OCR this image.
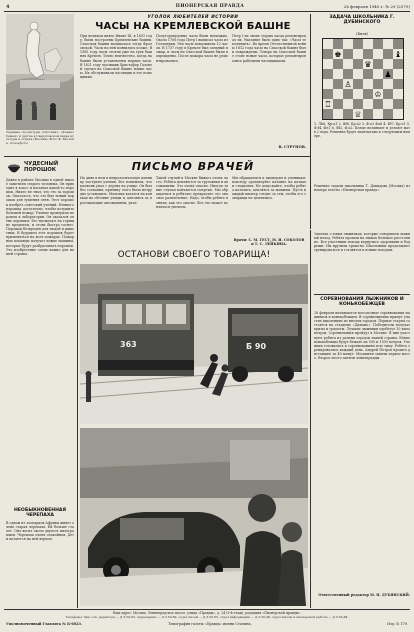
4	ПИОНЕРСКАЯ ПРАВДА	28 февраля 1940 г. № 29 (2379)
Ледяные скульптуры «Охотник», «Конькобежец» и другие в Свердловском парке культуры и отдыха (Москва). Фото Ф. Кислова. (Союзфото)
УГОЛОК ЛЮБИТЕЛЕЙ ИСТОРИИ
ЧАСЫ НА КРЕМЛЕВСКОЙ БАШНЕ
При великом князе Иване III, в 1491 году, были построены Кремлевские башни. Спасская башня называлась тогда Фроловской. Часы на ней появились позже. В 1585 году часы стояли уже на трех башнях Кремля. Точно неизвестно, когда на башне были установлены первые часы. В 1621 году часовщик Христофор Галовей сделал на Спасской башне новые часы. Их обслуживали часовщик и его помощники.
Полуторапудовые часы были немецкие. Около 1706 года Петр I выписал часы из Голландии. Эти часы показывали 12 часов. В 1737 году в Кремле был сильный пожар, и часы на Спасской башне были повреждены. После пожара часы не ремонтировались.
Петр I на своих старых часах ремонтировал их. Указание было дано так: «Часы те починить». Во время Отечественной войны 1812 года часы на Спасской башне были повреждены. Теперь на Спасской башне стоят новые часы, которые ремонтировались рабочими часовщиками.
В. СТРУНОВ.
ЗАДАЧА ШКОЛЬНИКА Г. ДУБИНСКОГО
(Киев)
1. Лb8, Кр:а1 2. Фf8, Кр:а2 3. Ф:е2 Фа8 4. Фf7, Кр:е1 5. Ф:f4, Фе1 6. Фf2, Ф:а2. Белые начинают и делают мат в 2 хода. Решение будет напечатано в следующем номере.
Решение задачи школьника Т. Давыдова (Москва) из номера газеты «Пионерская правда».
ЧУДЕСНЫЙ ПОРОШОК
Давно в районе Москвы в одной школе заметили старого человека. Он приходил в класс и насыпал какой-то порошок. Никто не знал, что это за порошок. Оказалось, что это был новый порошок для тушения огня. Этот порошок изобрел советский ученый. Немного порошка достаточно, чтобы потушить большой пожар. Ученые проверили порошок в лаборатории. Он оказался очень хорошим. Его насыпают на горящие предметы, и огонь быстро гаснет. Порошок безвреден для людей и животных. В будущем этот порошок будет применяться на всех пожарах. Пожарные команды получат новые машины, которые будут разбрасывать порошок. Это изобретение очень важно для нашей страны.
НЕОБЫКНОВЕННАЯ ЧЕРЕПАХА
В одном из зоопарков Африки живет очень старая черепаха. Ей больше ста лет. Она весит около двухсот килограммов. Черепаха очень спокойная. Дети катаются на ней верхом.
ПИСЬМО ВРАЧЕЙ
На днях в нем в неврологическую клинику поступил ученик. Все понимали, что мальчик упал с дерева на улице. Он был без сознания, причину этого было нетрудно установить. Мальчик катался на коньках на обочине улицы и, цепляясь за проезжающие автомашины, упал.
Такой случай в Москве бывает очень часто. Ребята цепляются за грузовики и автомашины. Это очень опасно. Иногда такие случаи кончаются смертью. Мы обращаемся к ребятам: прекратите это опасное развлечение. Надо, чтобы ребята поняли, как это опасно. Все это может кончиться увечьем.
Мы обращаемся к пионерам и ученикам: повсюду организуйте катание на катках и стадионах. Не допускайте, чтобы ребята катались, цепляясь за машины. Пусть каждый пионер следит за тем, чтобы его товарищи не цеплялись.
Врачи: С. М. ГЕСТ, М. И. СОКОЛОВ и Т. С. ЛЕЙКИНА.
ОСТАНОВИ СВОЕГО ТОВАРИЩА!
363	Б 90
Заметка о юных лыжниках, которые совершили лыжный поход. Ребята прошли на лыжах большое расстояние. Все участники похода вернулись здоровыми и бодрыми. Им вручили грамоты. Школьники продолжают тренироваться и готовятся к новым походам.
СОРЕВНОВАНИЯ ЛЫЖНИКОВ И КОНЬКОБЕЖЦЕВ
28 февраля начинаются всесоюзные соревнования лыжников и конькобежцев. В соревнованиях примут участие школьники из многих городов. Первые старты состоятся на стадионе «Динамо». Победители получат призы и грамоты. Лучшие лыжники пробегут 10 километров. Соревнования пройдут в Москве. В них участвуют ребята из разных городов нашей страны. Юные конькобежцы будут бежать на 500 и 1500 метров. Ученики готовились к соревнованиям всю зиму. Ребята тренировались каждый день. Андрей Петров прошел дистанцию за 40 минут. Москвичи заняли первое место. Второе место заняли ленинградцы.
Ответственный редактор М. Н. ДУБЯНСКИЙ.
Наш адрес: Москва, Ленинградское шоссе, улица «Правды», д. 24 (5-й этаж), редакция «Пионерской правды».
Телефоны: Зам. отв. редактора — Д 3-50-83, секретариат — Д 3-50-89, отдел писем — Д 3-50-65, отдел информации — Д 3-50-48, отдел школы и пионерской работы — Д 3-50-84.
Уполномоченный Главлита № Б-6023.	Типография газеты «Правда» имени Сталина.	Изд. № 179.
